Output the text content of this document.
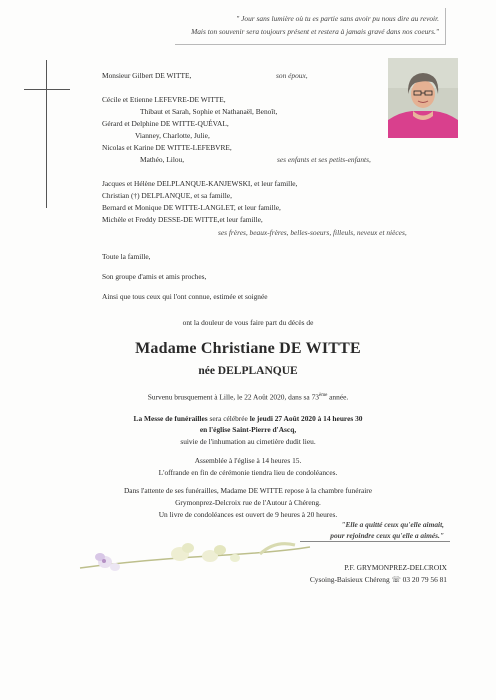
" Jour sans lumière où tu es partie sans avoir pu nous dire au revoir.
Mais ton souvenir sera toujours présent et restera à jamais gravé dans nos coeurs."
Monsieur Gilbert DE WITTE,	son époux,
Cécile et Etienne LEFEVRE-DE WITTE,
Thibaut et Sarah, Sophie et Nathanaël, Benoît,
Gérard et Delphine DE WITTE-QUÉVAL,
Vianney, Charlotte, Julie,
Nicolas et Karine DE WITTE-LEFEBVRE,
Mathéo, Lilou,	ses enfants et ses petits-enfants,
Jacques et Hélène DELPLANQUE-KANJEWSKI, et leur famille,
Christian (†) DELPLANQUE, et sa famille,
Bernard et Monique DE WITTE-LANGLET, et leur famille,
Michèle et Freddy DESSE-DE WITTE,et leur famille,
ses frères, beaux-frères, belles-soeurs, filleuls, neveux et nièces,
Toute la famille,
Son groupe d'amis et amis proches,
Ainsi que tous ceux qui l'ont connue, estimée et soignée
ont la douleur de vous faire part du décès de
Madame Christiane DE WITTE
née DELPLANQUE
Survenu brusquement à Lille, le 22 Août 2020, dans sa 73ème année.
La Messe de funérailles sera célébrée le jeudi 27 Août 2020 à 14 heures 30
en l'église Saint-Pierre d'Ascq,
suivie de l'inhumation au cimetière dudit lieu.
Assemblée à l'église à 14 heures 15.
L'offrande en fin de cérémonie tiendra lieu de condoléances.
Dans l'attente de ses funérailles, Madame DE WITTE repose à la chambre funéraire
Grymonprez-Delcroix rue de l'Autour à Chéreng.
Un livre de condoléances est ouvert de 9 heures à 20 heures.
"Elle a quitté ceux qu'elle aimait,
pour rejoindre ceux qu'elle a aimés."
P.F. GRYMONPREZ-DELCROIX
Cysoing-Baisieux Chéreng ☏ 03 20 79 56 81
